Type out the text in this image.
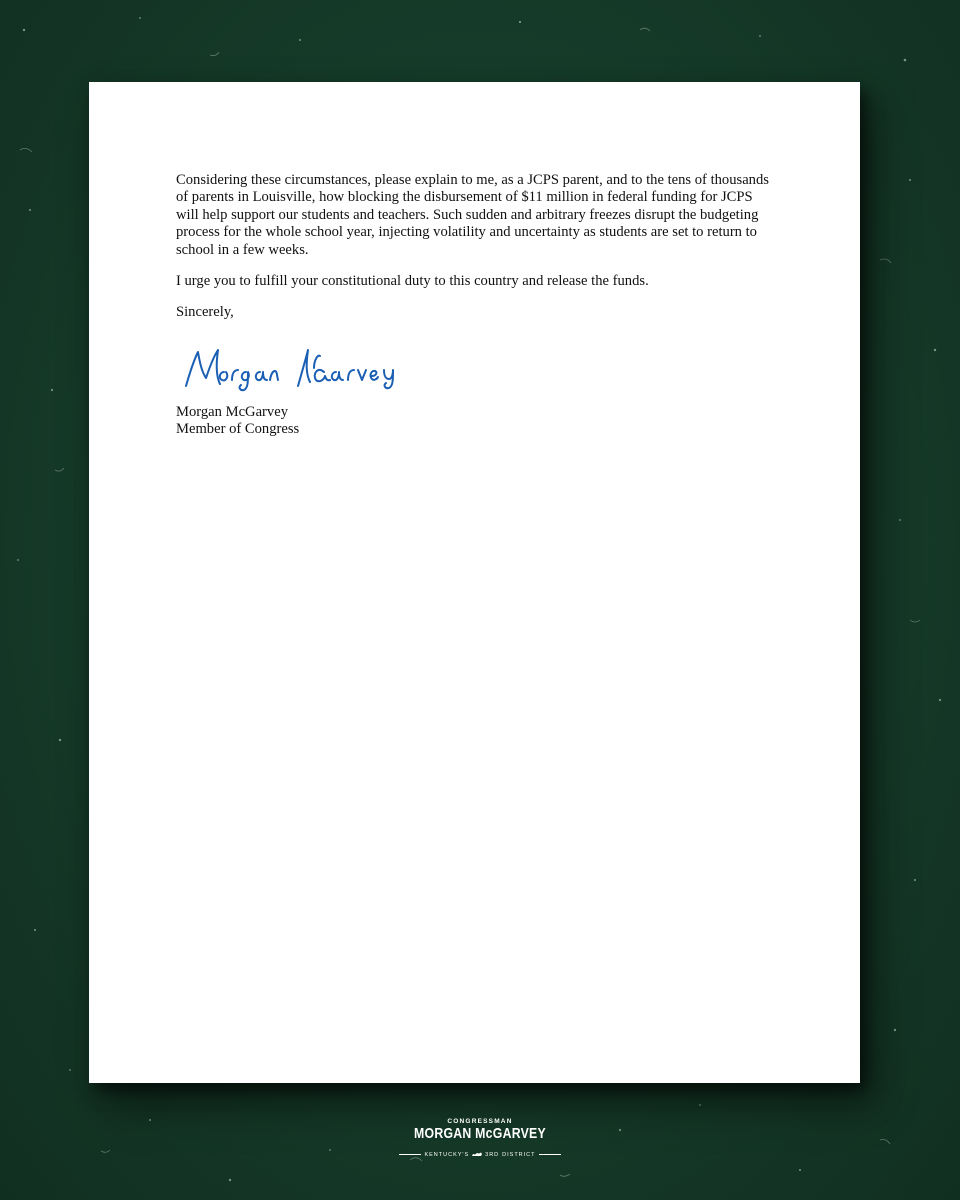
Considering these circumstances, please explain to me, as a JCPS parent, and to the tens of thousands of parents in Louisville, how blocking the disbursement of $11 million in federal funding for JCPS will help support our students and teachers. Such sudden and arbitrary freezes disrupt the budgeting process for the whole school year, injecting volatility and uncertainty as students are set to return to school in a few weeks.

I urge you to fulfill your constitutional duty to this country and release the funds.

Sincerely,

Morgan McGarvey
Member of Congress
CONGRESSMAN
MORGAN McGARVEY
KENTUCKY'S	3RD DISTRICT
